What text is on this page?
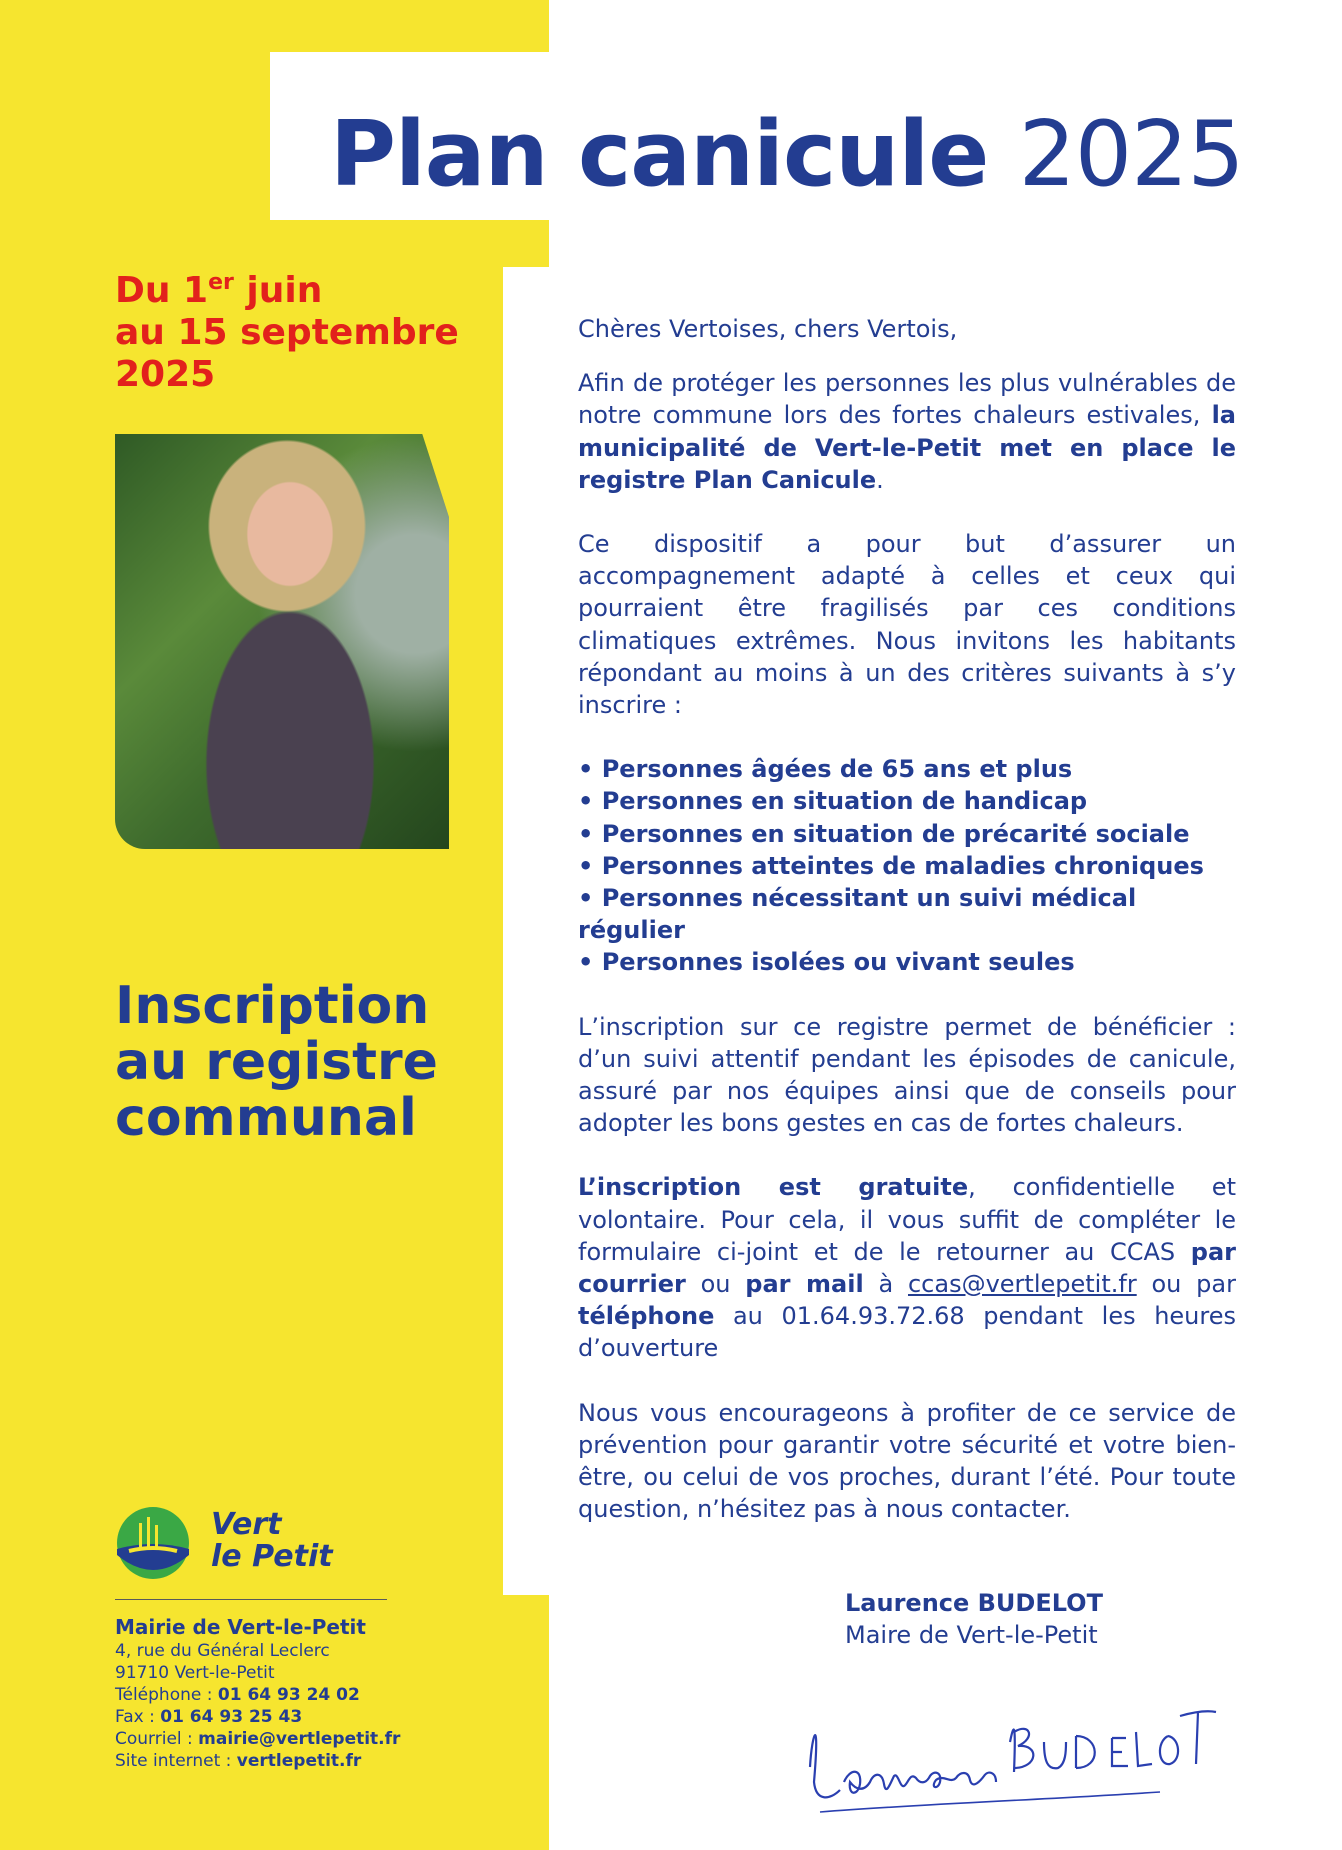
Plan canicule 2025
Du 1er juin
au 15 septembre
2025
Inscription
au registre
communal
Vert
le Petit
Mairie de Vert-le-Petit
4, rue du Général Leclerc
91710 Vert-le-Petit
Téléphone : 01 64 93 24 02
Fax : 01 64 93 25 43
Courriel : mairie@vertlepetit.fr
Site internet : vertlepetit.fr

Chères Vertoises, chers Vertois,

Afin de protéger les personnes les plus vulnérables de notre commune lors des fortes chaleurs estivales, la municipalité de Vert-le-Petit met en place le registre Plan Canicule.

Ce dispositif a pour but d’assurer un accompagnement adapté à celles et ceux qui pourraient être fragilisés par ces conditions climatiques extrêmes. Nous invitons les habitants répondant au moins à un des critères suivants à s’y inscrire :

• Personnes âgées de 65 ans et plus
• Personnes en situation de handicap
• Personnes en situation de précarité sociale
• Personnes atteintes de maladies chroniques
• Personnes nécessitant un suivi médical régulier
• Personnes isolées ou vivant seules

L’inscription sur ce registre permet de bénéficier : d’un suivi attentif pendant les épisodes de canicule, assuré par nos équipes ainsi que de conseils pour adopter les bons gestes en cas de fortes chaleurs.

L’inscription est gratuite, confidentielle et volontaire. Pour cela, il vous suffit de compléter le formulaire ci-joint et de le retourner au CCAS par courrier ou par mail à ccas@vertlepetit.fr ou par téléphone au 01.64.93.72.68 pendant les heures d’ouverture

Nous vous encourageons à profiter de ce service de prévention pour garantir votre sécurité et votre bien-être, ou celui de vos proches, durant l’été. Pour toute question, n’hésitez pas à nous contacter.

Laurence BUDELOT
Maire de Vert-le-Petit
